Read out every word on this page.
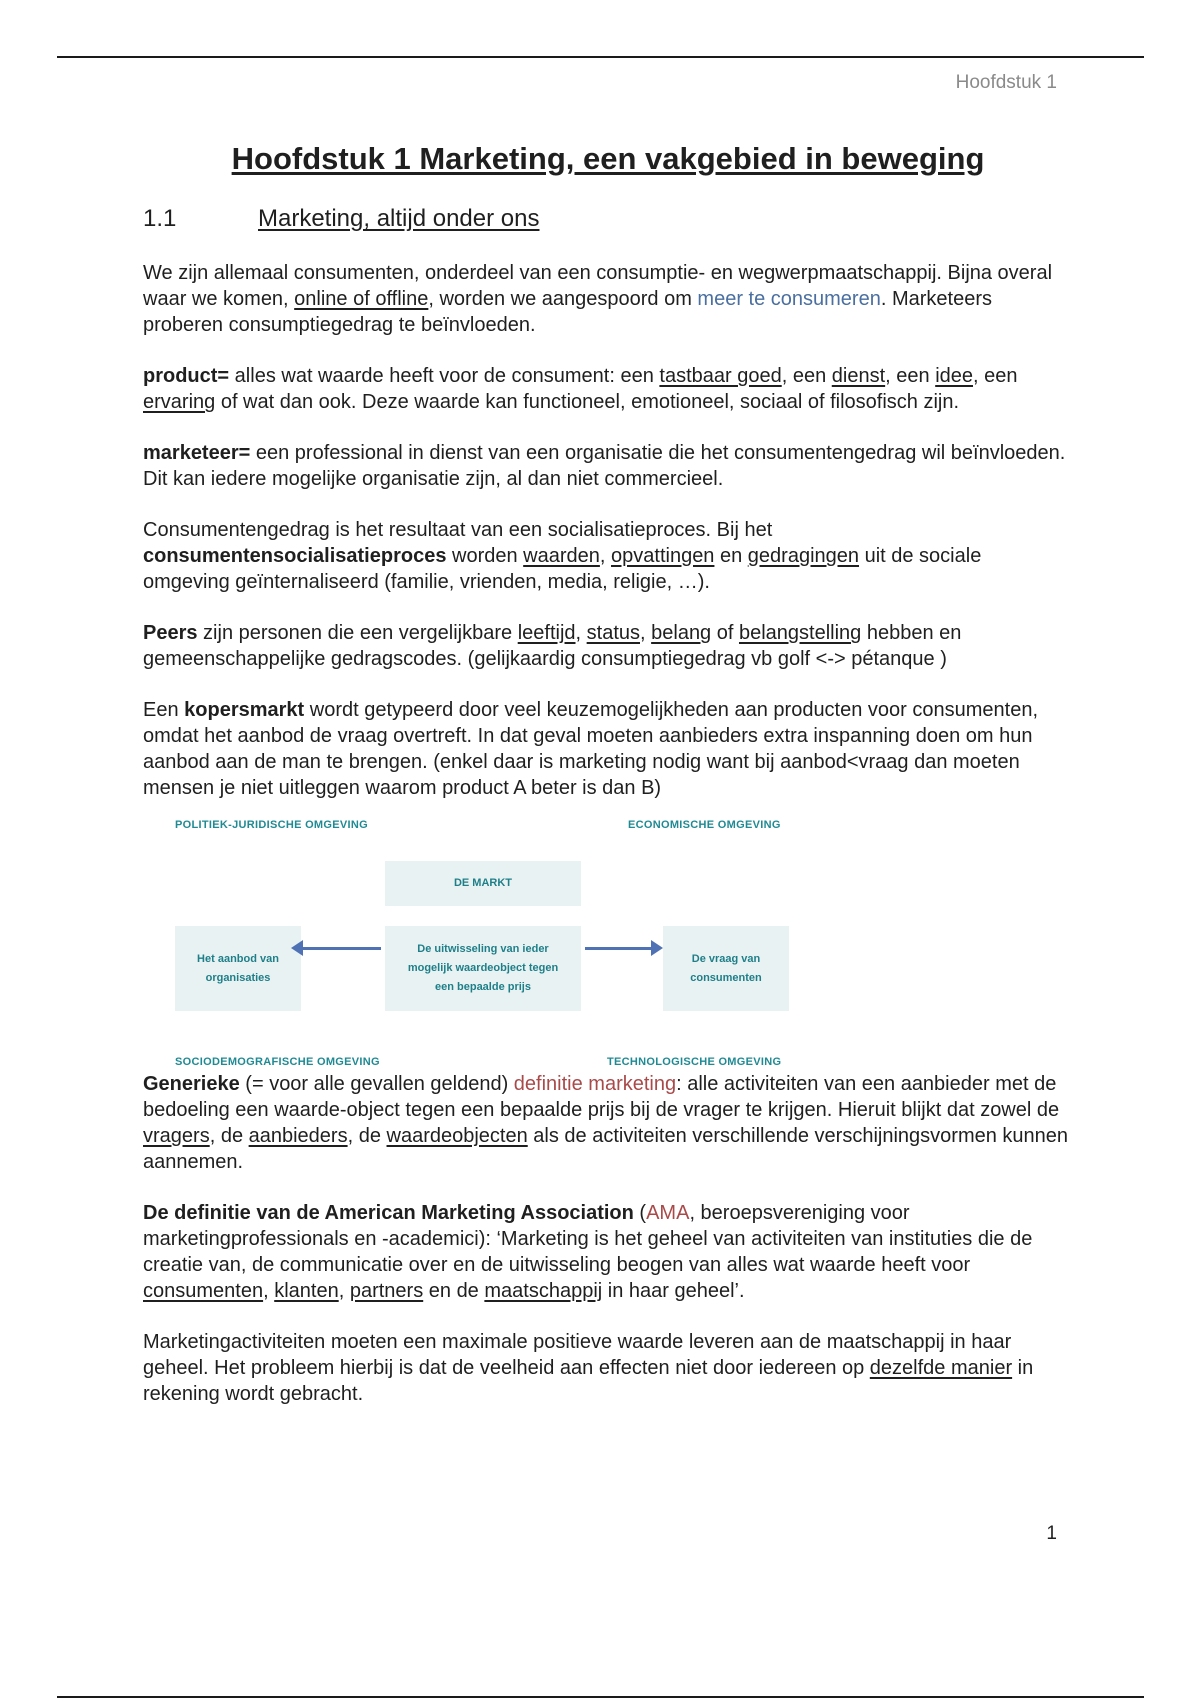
Hoofdstuk 1
Hoofdstuk 1 Marketing, een vakgebied in beweging
1.1	Marketing, altijd onder ons

We zijn allemaal consumenten, onderdeel van een consumptie- en wegwerpmaatschappij. Bijna overal waar we komen, online of offline, worden we aangespoord om meer te consumeren. Marketeers proberen consumptiegedrag te beïnvloeden.

product= alles wat waarde heeft voor de consument: een tastbaar goed, een dienst, een idee, een ervaring of wat dan ook. Deze waarde kan functioneel, emotioneel, sociaal of filosofisch zijn.

marketeer= een professional in dienst van een organisatie die het consumentengedrag wil beïnvloeden. Dit kan iedere mogelijke organisatie zijn, al dan niet commercieel.

Consumentengedrag is het resultaat van een socialisatieproces. Bij het consumentensocialisatieproces worden waarden, opvattingen en gedragingen uit de sociale omgeving geïnternaliseerd (familie, vrienden, media, religie, …).

Peers zijn personen die een vergelijkbare leeftijd, status, belang of belangstelling hebben en gemeenschappelijke gedragscodes. (gelijkaardig consumptiegedrag vb golf <-> pétanque )

Een kopersmarkt wordt getypeerd door veel keuzemogelijkheden aan producten voor consumenten, omdat het aanbod de vraag overtreft. In dat geval moeten aanbieders extra inspanning doen om hun aanbod aan de man te brengen. (enkel daar is marketing nodig want bij aanbod<vraag dan moeten mensen je niet uitleggen waarom product A beter is dan B)

POLITIEK-JURIDISCHE OMGEVING	ECONOMISCHE OMGEVING
DE MARKT
De uitwisseling van ieder mogelijk waardeobject tegen een bepaalde prijs
Het aanbod van organisaties
De vraag van consumenten
SOCIODEMOGRAFISCHE OMGEVING	TECHNOLOGISCHE OMGEVING

Generieke (= voor alle gevallen geldend) definitie marketing: alle activiteiten van een aanbieder met de bedoeling een waarde-object tegen een bepaalde prijs bij de vrager te krijgen. Hieruit blijkt dat zowel de vragers, de aanbieders, de waardeobjecten als de activiteiten verschillende verschijningsvormen kunnen aannemen.

De definitie van de American Marketing Association (AMA, beroepsvereniging voor marketingprofessionals en -academici): ‘Marketing is het geheel van activiteiten van instituties die de creatie van, de communicatie over en de uitwisseling beogen van alles wat waarde heeft voor consumenten, klanten, partners en de maatschappij in haar geheel’.

Marketingactiviteiten moeten een maximale positieve waarde leveren aan de maatschappij in haar geheel. Het probleem hierbij is dat de veelheid aan effecten niet door iedereen op dezelfde manier in rekening wordt gebracht.

1
